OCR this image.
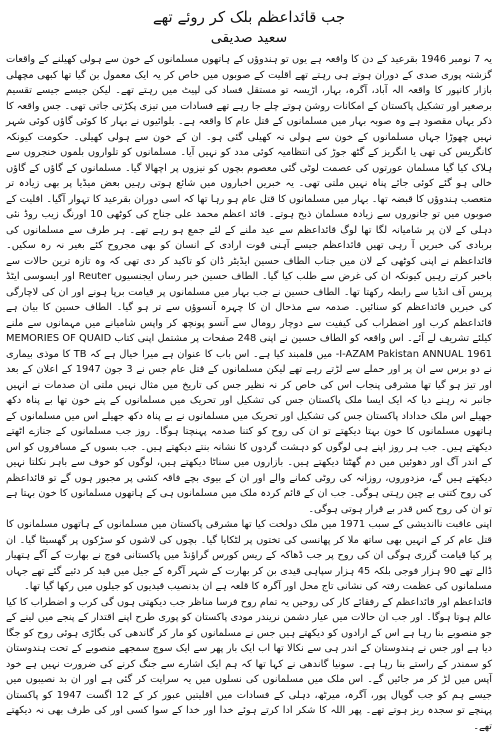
جب قائداعظم بلک کر روئے تھے
سعید صدیقی

یہ 7 نومبر 1946 بقرعید کے دن کا واقعہ ہے یوں تو ہندوؤں کے ہاتھوں مسلمانوں کے خون سے ہولی کھیلنے کے واقعات گزشتہ پوری صدی کے دوران ہوتے ہی رہتے تھے اقلیت کے صوبوں میں خاص کر یہ ایک معمول بن گیا تھا کبھی مچھلی بازار کانپور کا واقعہ الہ آباد، آگرہ، بہار، اڑیسہ تو مستقل فساد کی لپیٹ میں رہتے تھے۔ لیکن جیسے جیسے تقسیم برصغیر اور تشکیل پاکستان کے امکانات روشن ہوتے چلے جا رہے تھے فسادات میں تیزی پکڑتی جاتی تھی۔ جس واقعہ کا ذکر یہاں مقصود ہے وہ صوبہ بہار میں مسلمانوں کے قتل عام کا واقعہ ہے۔ بلوائیوں نے بہار کا کوئی گاؤں کوئی شہر نہیں چھوڑا جہاں مسلمانوں کے خون سے ہولی نہ کھیلی گئی ہو۔ ان کے خون سے ہولی کھیلی۔ حکومت کیونکہ کانگریس کی تھی یا انگریز کے گٹھ جوڑ کی انتظامیہ کوئی مدد کو نہیں آیا۔ مسلمانوں کو تلواروں بلموں خنجروں سے ہلاک کیا گیا مسلمان عورتوں کی عصمت لوٹی گئی معصوم بچوں کو نیزوں پر اچھالا گیا۔ مسلمانوں کے گاؤں کے گاؤں خالی ہو گئے کوئی جائے پناہ نہیں ملتی تھی۔ یہ خبریں اخباروں میں شائع ہوتی رہیں بعض میڈیا پر بھی زیادہ تر متعصب ہندوؤں کا قبضہ تھا۔ بہار میں مسلمانوں کا قتل عام ہو رہا تھا کہ اسی دوران بقرعید کا تہوار آگیا۔ اقلیت کے صوبوں میں تو جانوروں سے زیادہ مسلمان ذبح ہوتے۔ قائد اعظم محمد علی جناح کی کوٹھی 10 اورنگ زیب روڈ نئی دہلی کے لان پر شامیانہ لگا تھا لوگ قائداعظم سے عید ملنے کے لئے جمع ہو رہے تھے۔ ہر طرف سے مسلمانوں کی بربادی کی خبریں آ رہی تھیں قائداعظم جیسے آہنی قوت ارادی کے انسان کو بھی مجروح کئے بغیر نہ رہ سکیں۔ قائداعظم نے اپنی کوٹھی کے لان میں جناب الطاف حسین ایڈیٹر ڈان کو تاکید کر دی تھی کہ وہ تازہ ترین حالات سے باخبر کرتے رہیں کیونکہ ان کی غرض سے طلب کیا گیا۔ الطاف حسین خبر رساں ایجنسیوں Reuter اور ایسوسی ایٹڈ پریس آف انڈیا سے رابطہ رکھتا تھا۔ الطاف حسین نے جب بہار میں مسلمانوں پر قیامت برپا ہونے اور ان کی لاچارگی کی خبریں قائداعظم کو سنائیں۔ صدمہ سے مذحال ان کا چہرہ آنسوؤں سے تر ہو گیا۔ الطاف حسین کا بیان ہے قائداعظم کرب اور اضطراب کی کیفیت سے دوچار رومال سے آنسو پونچھ کر واپس شامیانے میں مہمانوں سے ملنے کیلئے تشریف لے آئے۔ اس واقعہ کو الطاف حسین نے اپنی 248 صفحات پر مشتمل اپنی کتاب MEMORIES OF QUAID -I-AZAM Pakistan ANNUAL 1961 میں قلمبند کیا ہے۔ اس باب کا عنوان ہے میرا خیال ہے کہ TB کا موذی بیماری نے دو برس سے ان پر اور حملے سے لڑتے رہے تھے لیکن مسلمانوں کے قتل عام جس نے 3 جون 1947 کے اعلان کے بعد اور تیز ہو گیا تھا مشرقی پنجاب اس کی خاص کر نہ نظیر جس کی تاریخ میں مثال نہیں ملتی ان صدمات نے انہیں جانبر نہ رہنے دیا کہ ایک ایسا ملک پاکستان جس کی تشکیل اور تحریک میں مسلمانوں کے پنے خون تھا بے پناہ دکھ جھیلے اس ملک خداداد پاکستان جس کی تشکیل اور تحریک میں مسلمانوں نے بے پناہ دکھ جھیلے اس میں مسلمانوں کے ہاتھوں مسلمانوں کا خون بہتا دیکھتے تو ان کی روح کو کتنا صدمہ پہنچتا ہوگا۔ روز جب مسلمانوں کے جنازے اٹھتے دیکھتے ہیں۔ جب ہر روز اپنے ہی لوگوں کو دہشت گردوں کا نشانہ بنتے دیکھتے ہیں۔ جب بسوں کے مسافروں کو اس کے اندر آگ اور دھوئیں میں دم گھٹتا دیکھتے ہیں۔ بازاروں میں سناٹا دیکھتے ہیں، لوگوں کو خوف سے باہر نکلتا نہیں دیکھتے ہیں گے، مزدوروں، روزانہ کی روٹی کمانے والے اور ان کے بیوی بچے فاقہ کشی پر مجبور ہوں گے تو قائداعظم کی روح کتنی بے چین رہتی ہوگی۔ جب ان کے قائم کردہ ملک میں مسلمانوں ہی کے ہاتھوں مسلمانوں کا خون بہتا ہے تو ان کی روح کس قدر بے قرار ہوتی ہوگی۔

اپنی عاقبت نااندیشی کے سبب 1971 میں ملک دولخت کیا تھا مشرقی پاکستان میں مسلمانوں کے ہاتھوں مسلمانوں کا قتل عام کر کے انہیں بھی ساتھ ملا کر پھانسی کی تختوں پر لٹکایا گیا۔ بچوں کی لاشوں کو سڑکوں پر گھسیٹا گیا۔ ان پر کیا قیامت گزری ہوگی ان کی روح پر جب ڈھاکہ کے ریس کورس گراؤنڈ میں پاکستانی فوج نے بھارت کے آگے ہتھیار ڈالے تھے 90 ہزار فوجی بلکہ 45 ہزار سپاہی قیدی بن کر بھارت کے شہر آگرہ کے جیل میں قید کر دئیے گئے تھے جہاں مسلمانوں کی عظمت رفتہ کی نشانی تاج محل اور آگرہ کا قلعہ ہے ان بدنصیب قیدیوں کو جیلوں میں رکھا گیا تھا۔

قائداعظم اور قائداعظم کے رفقائے کار کی روحیں یہ تمام روح فرسا مناظر جب دیکھتی ہوں گی کرب و اضطراب کا کیا عالم ہوتا ہوگا۔ اور جب ان حالات میں عیار دشمن نریندر مودی پاکستان کو پوری طرح اپنے اقتدار کے پنجے میں لینے کے جو منصوبے بنا رہا ہے اس کے ارادوں کو دیکھتے ہیں جس نے مسلمانوں کو مار کر گاندھی کی بگاڑی ہوئی روح کو جگا دیا ہے اور جس نے ہندوستان کے اندر ہی سے نکالا تھا اب ایک بار پھر سے ایک سوچ سمجھے منصوبے کے تحت ہندوستان کو سمندر کے راستے بنا رہا ہے۔ سونیا گاندھی نے کہا تھا کہ ہم ایک اشارے سے جنگ کرنے کی ضرورت نہیں ہے خود آپس میں لڑ کر مر جائیں گے۔ اس ملک میں مسلمانوں کی نسلوں میں یہ سرایت کر گئی ہے اور ان بد نصیبوں میں جیسے ہم کو جب گوپال پور، آگرہ، میرٹھ، دہلی کے فسادات میں اقلیتیں عبور کر کے 12 اگست 1947 کو پاکستان پہنچے تو سجدہ ریز ہوتے تھے۔ پھر اللہ کا شکر ادا کرتے ہوئے خدا اور خدا کے سوا کسی اور کی طرف بھی نہ دیکھتے تھے۔
